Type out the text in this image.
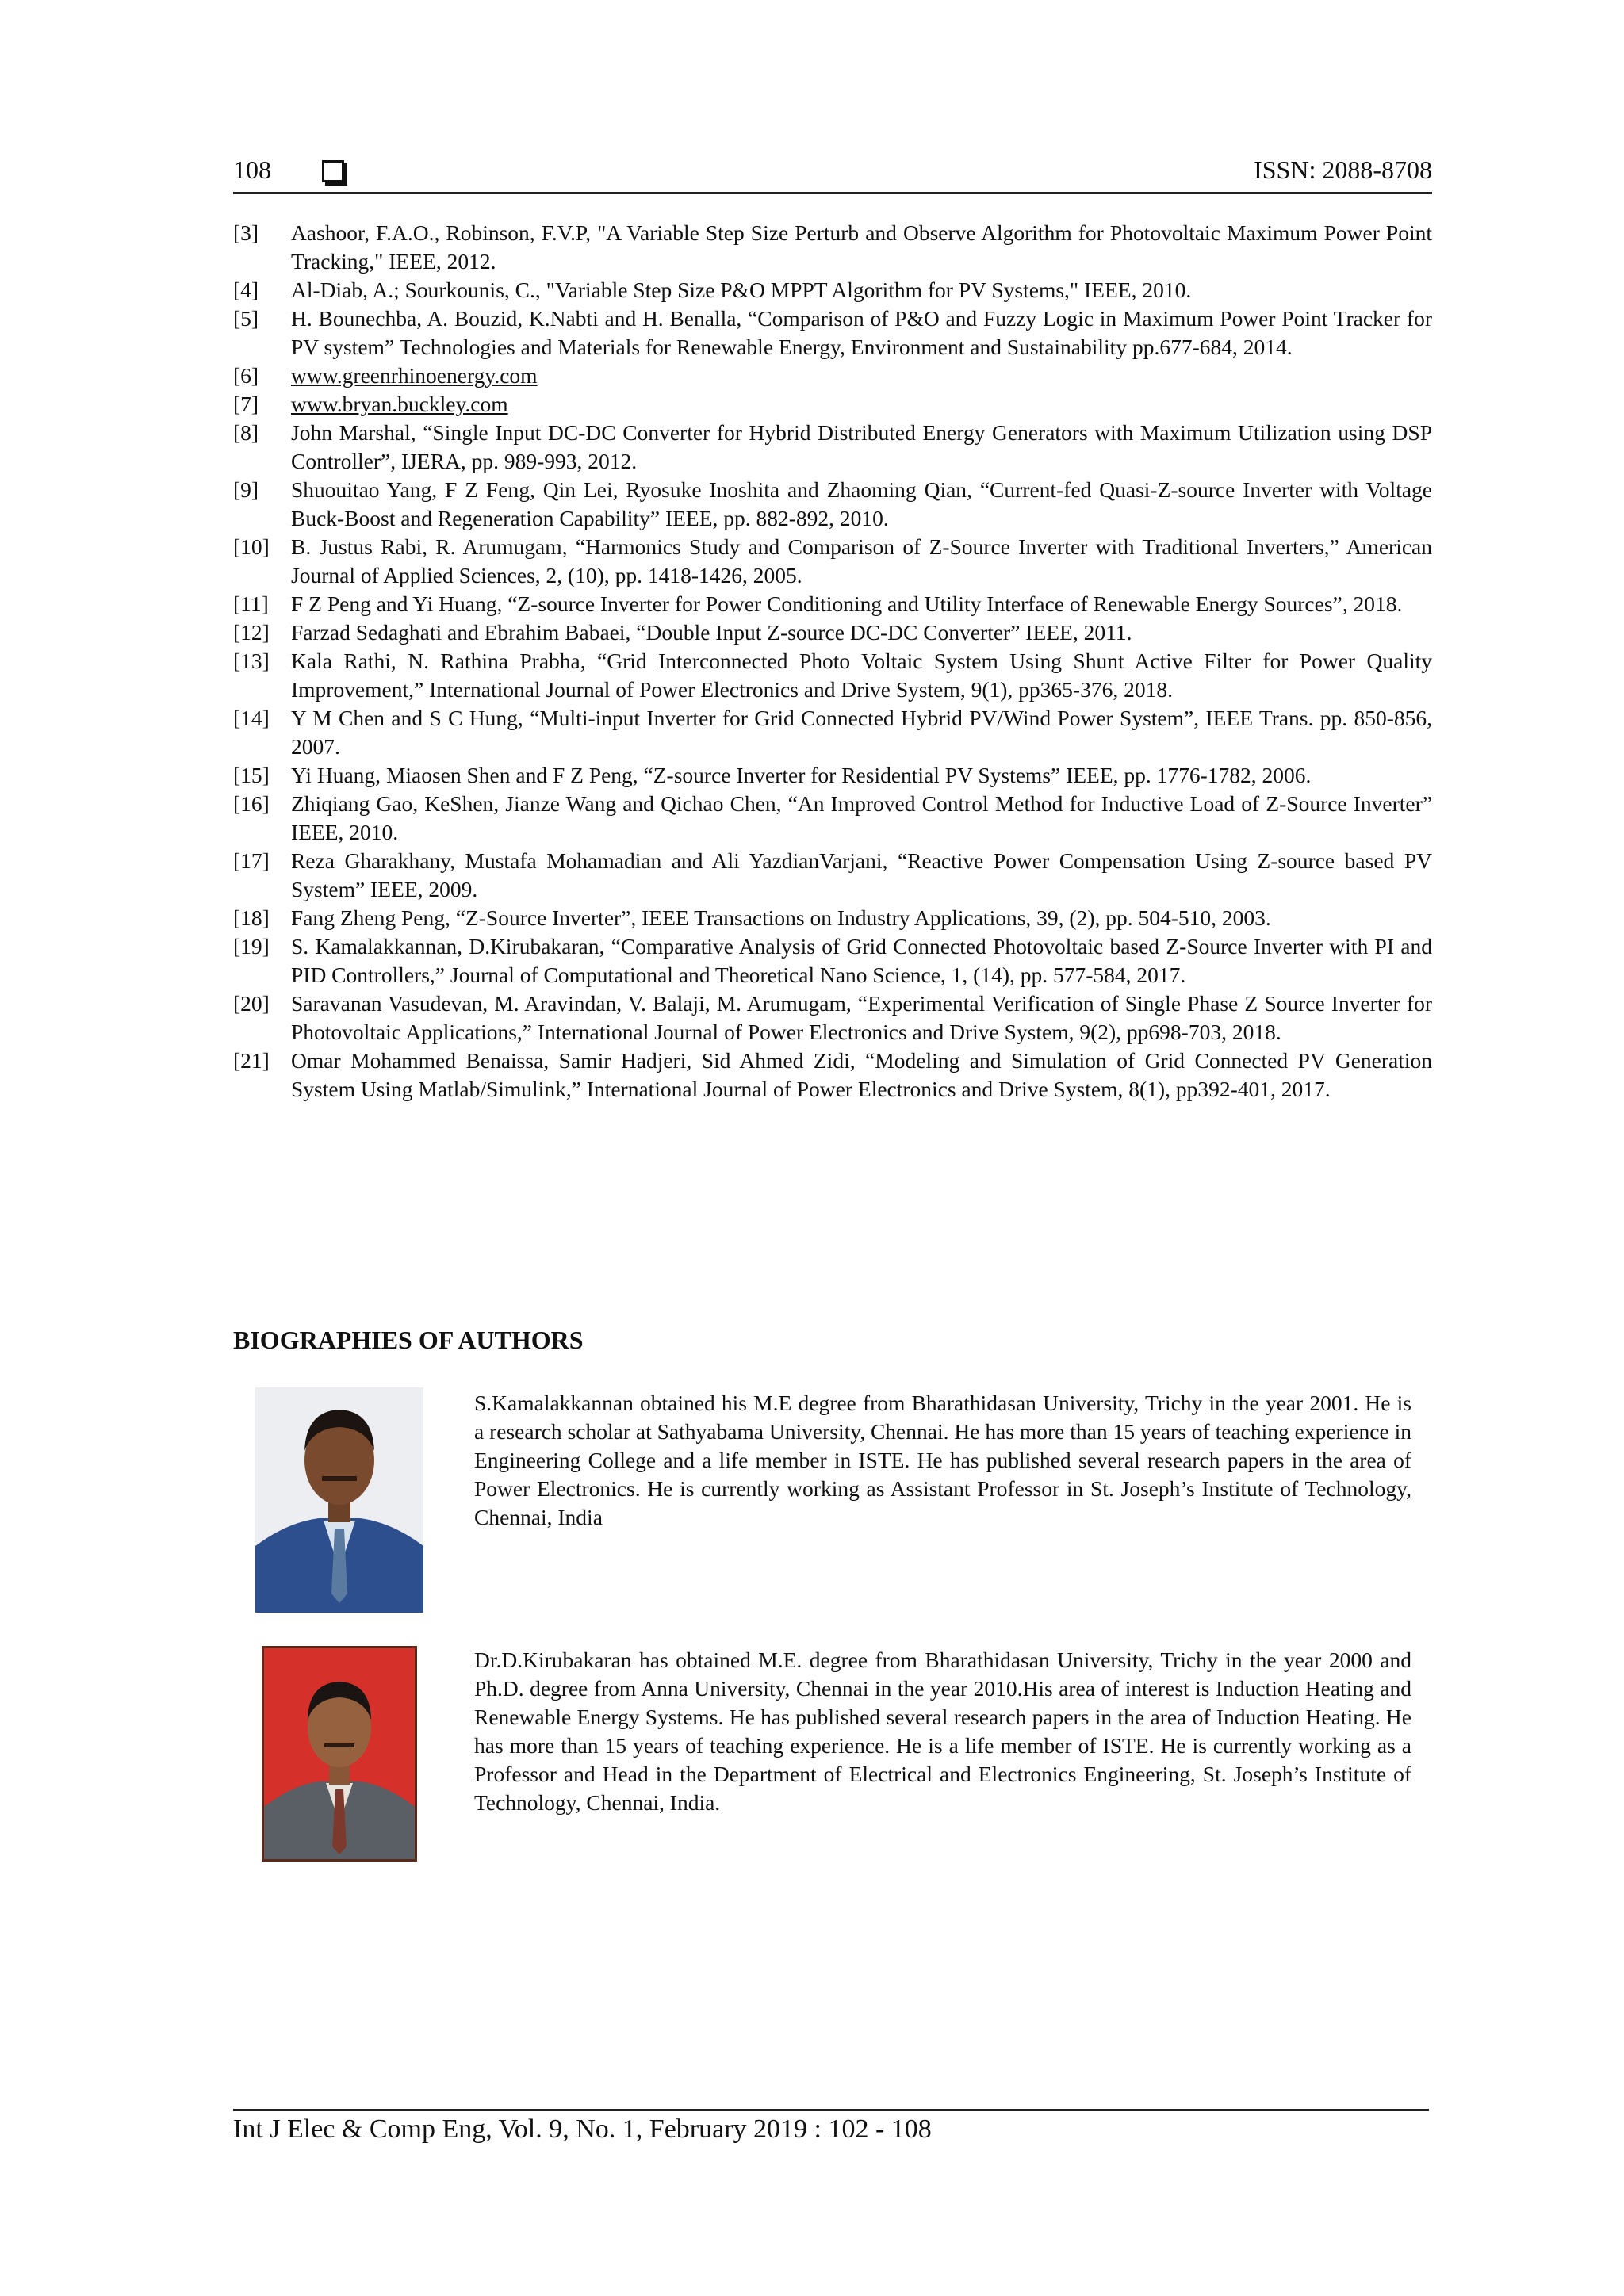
108	ISSN: 2088-8708
[3] Aashoor, F.A.O., Robinson, F.V.P, "A Variable Step Size Perturb and Observe Algorithm for Photovoltaic Maximum Power Point Tracking," IEEE, 2012.
[4] Al-Diab, A.; Sourkounis, C., "Variable Step Size P&O MPPT Algorithm for PV Systems," IEEE, 2010.
[5] H. Bounechba, A. Bouzid, K.Nabti and H. Benalla, “Comparison of P&O and Fuzzy Logic in Maximum Power Point Tracker for PV system” Technologies and Materials for Renewable Energy, Environment and Sustainability pp.677-684, 2014.
[6] www.greenrhinoenergy.com
[7] www.bryan.buckley.com
[8] John Marshal, “Single Input DC-DC Converter for Hybrid Distributed Energy Generators with Maximum Utilization using DSP Controller”, IJERA, pp. 989-993, 2012.
[9] Shuouitao Yang, F Z Feng, Qin Lei, Ryosuke Inoshita and Zhaoming Qian, “Current-fed Quasi-Z-source Inverter with Voltage Buck-Boost and Regeneration Capability” IEEE, pp. 882-892, 2010.
[10] B. Justus Rabi, R. Arumugam, “Harmonics Study and Comparison of Z-Source Inverter with Traditional Inverters,” American Journal of Applied Sciences, 2, (10), pp. 1418-1426, 2005.
[11] F Z Peng and Yi Huang, “Z-source Inverter for Power Conditioning and Utility Interface of Renewable Energy Sources”, 2018.
[12] Farzad Sedaghati and Ebrahim Babaei, “Double Input Z-source DC-DC Converter” IEEE, 2011.
[13] Kala Rathi, N. Rathina Prabha, “Grid Interconnected Photo Voltaic System Using Shunt Active Filter for Power Quality Improvement,” International Journal of Power Electronics and Drive System, 9(1), pp365-376, 2018.
[14] Y M Chen and S C Hung, “Multi-input Inverter for Grid Connected Hybrid PV/Wind Power System”, IEEE Trans. pp. 850-856, 2007.
[15] Yi Huang, Miaosen Shen and F Z Peng, “Z-source Inverter for Residential PV Systems” IEEE, pp. 1776-1782, 2006.
[16] Zhiqiang Gao, KeShen, Jianze Wang and Qichao Chen, “An Improved Control Method for Inductive Load of Z-Source Inverter” IEEE, 2010.
[17] Reza Gharakhany, Mustafa Mohamadian and Ali YazdianVarjani, “Reactive Power Compensation Using Z-source based PV System” IEEE, 2009.
[18] Fang Zheng Peng, “Z-Source Inverter”, IEEE Transactions on Industry Applications, 39, (2), pp. 504-510, 2003.
[19] S. Kamalakkannan, D.Kirubakaran, “Comparative Analysis of Grid Connected Photovoltaic based Z-Source Inverter with PI and PID Controllers,” Journal of Computational and Theoretical Nano Science, 1, (14), pp. 577-584, 2017.
[20] Saravanan Vasudevan, M. Aravindan, V. Balaji, M. Arumugam, “Experimental Verification of Single Phase Z Source Inverter for Photovoltaic Applications,” International Journal of Power Electronics and Drive System, 9(2), pp698-703, 2018.
[21] Omar Mohammed Benaissa, Samir Hadjeri, Sid Ahmed Zidi, “Modeling and Simulation of Grid Connected PV Generation System Using Matlab/Simulink,” International Journal of Power Electronics and Drive System, 8(1), pp392-401, 2017.
BIOGRAPHIES OF AUTHORS
S.Kamalakkannan obtained his M.E degree from Bharathidasan University, Trichy in the year 2001. He is a research scholar at Sathyabama University, Chennai. He has more than 15 years of teaching experience in Engineering College and a life member in ISTE. He has published several research papers in the area of Power Electronics. He is currently working as Assistant Professor in St. Joseph’s Institute of Technology, Chennai, India
Dr.D.Kirubakaran has obtained M.E. degree from Bharathidasan University, Trichy in the year 2000 and Ph.D. degree from Anna University, Chennai in the year 2010.His area of interest is Induction Heating and Renewable Energy Systems. He has published several research papers in the area of Induction Heating. He has more than 15 years of teaching experience. He is a life member of ISTE. He is currently working as a Professor and Head in the Department of Electrical and Electronics Engineering, St. Joseph’s Institute of Technology, Chennai, India.
Int J Elec & Comp Eng, Vol. 9, No. 1, February 2019 : 102 - 108
